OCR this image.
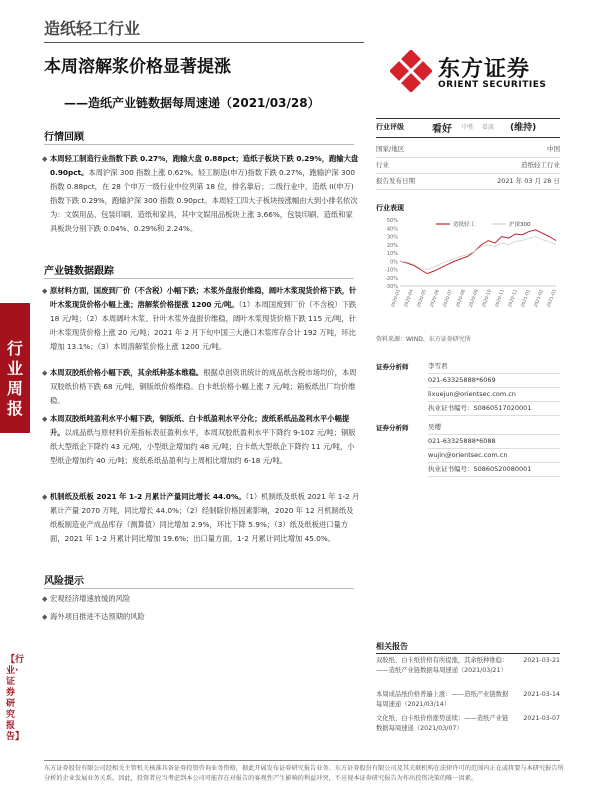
造纸轻工行业
本周溶解浆价格显著提涨
——造纸产业链数据每周速递（2021/03/28）
东方证券
ORIENT SECURITIES
行业周报
【行业·证券研究报告】
行情回顾
◆ 本周轻工制造行业指数下跌 0.27%，跑输大盘 0.88pct；造纸子板块下跌 0.29%，跑输大盘 0.90pct。本周沪深 300 指数上涨 0.62%。轻工制造(申万)指数下跌 0.27%，跑输沪深 300 指数 0.88pct，在 28 个申万一级行业中位列第 18 位，排名靠后；二级行业中，造纸 II(申万)指数下跌 0.29%，跑输沪深 300 指数 0.90pct。本周轻工四大子板块按涨幅由大到小排名依次为：文娱用品、包装印刷、造纸和家具，其中文娱用品板块上涨 3.66%，包装印刷、造纸和家具板块分别下跌 0.04%、0.29%和 2.24%。
产业链数据跟踪
◆ 原材料方面，国废到厂价（不含税）小幅下跌；木浆外盘报价维稳，阔叶木浆现货价格下跌，针叶木浆现货价格小幅上涨；溶解浆价格提涨 1200 元/吨。（1）本周国废到厂价（不含税）下跌 18 元/吨；（2）本周阔叶木浆、针叶木浆外盘报价维稳，阔叶木浆现货价格下跌 115 元/吨，针叶木浆现货价格上涨 20 元/吨；2021 年 2 月下旬中国三大港口木浆库存合计 192 万吨，环比增加 13.1%；（3）本周溶解浆价格上涨 1200 元/吨。
◆ 本周双胶纸价格小幅下跌，其余纸种基本维稳。根据卓创资讯统计的成品纸含税市场均价，本周双胶纸价格下跌 68 元/吨，铜版纸价格维稳。白卡纸价格小幅上涨 7 元/吨；箱板纸出厂均价维稳。
◆ 本周双胶纸吨盈利水平小幅下跌，铜版纸、白卡纸盈利水平分化；废纸系纸品盈利水平小幅提升。以成品纸与原材料价差指标表征盈利水平，本周双胶纸盈利水平下降约 9-102 元/吨；铜版纸大型纸企下降约 43 元/吨，小型纸企增加约 48 元/吨；白卡纸大型纸企下降约 11 元/吨，小型纸企增加约 40 元/吨；废纸系纸品盈利与上周相比增加约 6-18 元/吨。
◆ 机制纸及纸板 2021 年 1-2 月累计产量同比增长 44.0%。（1）机制纸及纸板 2021 年 1-2 月累计产量 2070 万吨，同比增长 44.0%；（2）经制除价格因素影响，2020 年 12 月机制纸及纸板制造业产成品库存（测算值）同比增加 2.9%，环比下降 5.9%；（3）纸及纸板进口量方面，2021 年 1-2 月累计同比增加 19.6%；出口量方面，1-2 月累计同比增加 45.0%。
风险提示
◆ 宏观经济增速放缓的风险
◆ 海外项目推进不达预期的风险
行业评级	看好 中性 看淡 (维持)
国家/地区	中国
行业	造纸轻工行业
报告发布日期	2021 年 03 月 28 日
行业表现
50%
40%
30%
20%
10%
0%
-10%
-20%
-30%
2020-03 2020-04 2020-05 2020-06 2020-07 2020-08 2020-09 2020-10 2020-11 2020-12 2021-01 2021-02 2021-03
造纸轻工	沪深300
资料来源：WIND、东方证券研究所
证券分析师	李雪君
021-63325888*6069
lixuejun@orientsec.com.cn
执业证书编号：S0860517020001
证券分析师	吴缨
021-63325888*6088
wujin@orientsec.com.cn
执业证书编号：S0860520080001
相关报告
双胶纸、白卡纸价格有所提涨，其余纸种维稳：——造纸产业链数据每周速递（2021/03/21）
2021-03-21
本周成品纸价格普遍上涨：——造纸产业链数据每周速递（2021/03/14）
2021-03-14
文化纸、白卡纸价格涨势延续：——造纸产业链数据每周速递（2021/03/07）
2021-03-07
东方证券股份有限公司经相关主管机关核准具备证券投资咨询业务资格，据此开展发布证券研究报告业务。东方证券股份有限公司及其关联机构在法律许可的范围内正在或将要与本研究报告所分析的企业发展业务关系。因此，投资者应当考虑到本公司可能存在对报告的客观性产生影响的利益冲突，不应视本证券研究报告为作出投资决策的唯一因素。
